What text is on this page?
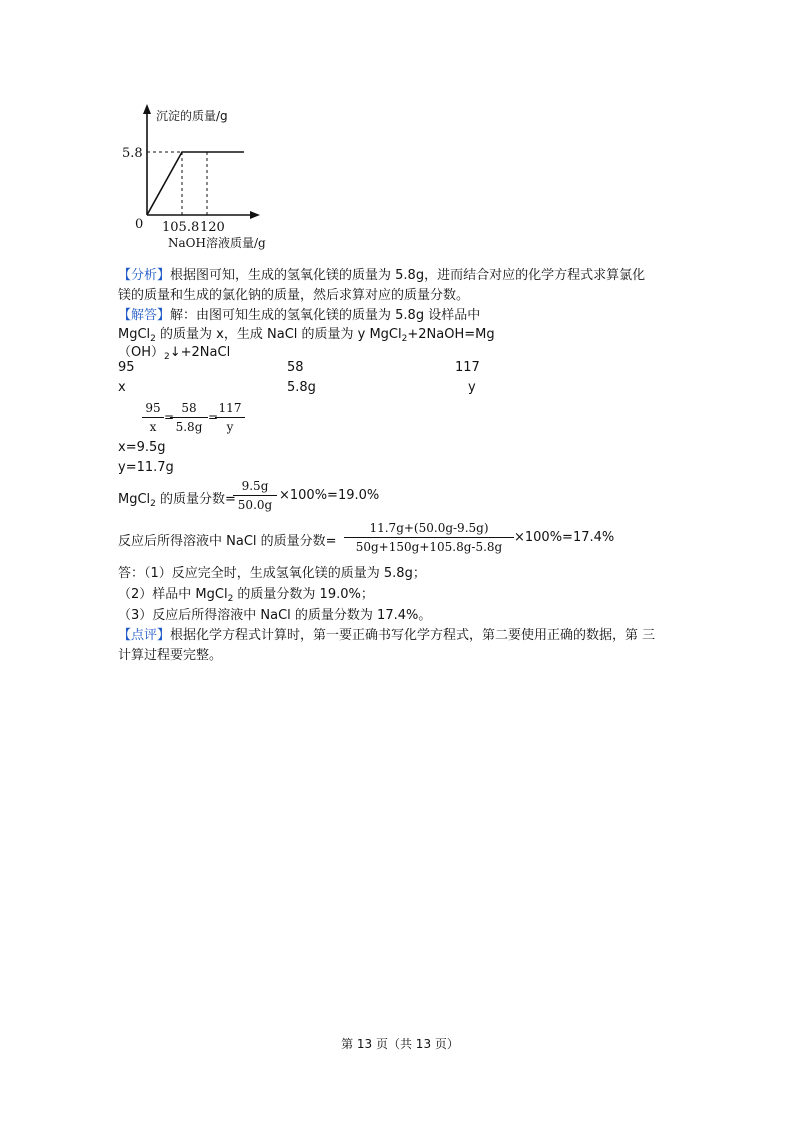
沉淀的质量/g
5.8
0 105.8 120
NaOH溶液质量/g
【分析】根据图可知，生成的氢氧化镁的质量为 5.8g，进而结合对应的化学方程式求算氯化
镁的质量和生成的氯化钠的质量，然后求算对应的质量分数。
【解答】解：由图可知生成的氢氧化镁的质量为 5.8g 设样品中
MgCl$_2$ 的质量为 x，生成 NaCl 的质量为 y MgCl$_2$+2NaOH=Mg
$(OH)_2↓+2NaCl$
95	58	117
x	5.8g	y
95
x
=
58
5.8g
=
117
y
x=9.5g
y=11.7g
MgCl$_2$ 的质量分数=
9.5g
50.0g
×100%=19.0%
反应后所得溶液中 NaCl 的质量分数=
11.7g+(50.0g-9.5g)
50g+150g+105.8g-5.8g
×100%=17.4%
答：（1）反应完全时，生成氢氧化镁的质量为 5.8g；
（2）样品中 MgCl$_2$ 的质量分数为 19.0%；
（3）反应后所得溶液中 NaCl 的质量分数为 17.4%。
【点评】根据化学方程式计算时，第一要正确书写化学方程式，第二要使用正确的数据，第 三
计算过程要完整。
第 13 页（共 13 页）
